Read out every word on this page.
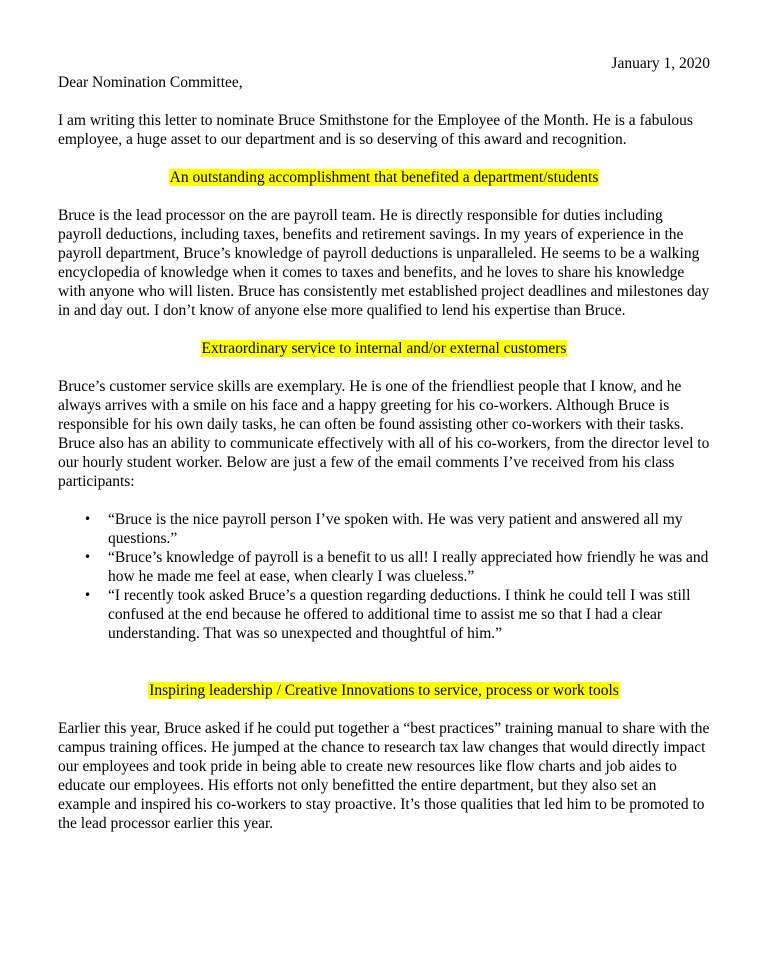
January 1, 2020

Dear Nomination Committee,

I am writing this letter to nominate Bruce Smithstone for the Employee of the Month. He is a fabulous employee, a huge asset to our department and is so deserving of this award and recognition.

An outstanding accomplishment that benefited a department/students

Bruce is the lead processor on the are payroll team. He is directly responsible for duties including payroll deductions, including taxes, benefits and retirement savings. In my years of experience in the payroll department, Bruce’s knowledge of payroll deductions is unparalleled. He seems to be a walking encyclopedia of knowledge when it comes to taxes and benefits, and he loves to share his knowledge with anyone who will listen. Bruce has consistently met established project deadlines and milestones day in and day out. I don’t know of anyone else more qualified to lend his expertise than Bruce.

Extraordinary service to internal and/or external customers

Bruce’s customer service skills are exemplary. He is one of the friendliest people that I know, and he always arrives with a smile on his face and a happy greeting for his co-workers. Although Bruce is responsible for his own daily tasks, he can often be found assisting other co-workers with their tasks. Bruce also has an ability to communicate effectively with all of his co-workers, from the director level to our hourly student worker. Below are just a few of the email comments I’ve received from his class participants:

• “Bruce is the nice payroll person I’ve spoken with. He was very patient and answered all my questions.”
• “Bruce’s knowledge of payroll is a benefit to us all! I really appreciated how friendly he was and how he made me feel at ease, when clearly I was clueless.”
• “I recently took asked Bruce’s a question regarding deductions. I think he could tell I was still confused at the end because he offered to additional time to assist me so that I had a clear understanding. That was so unexpected and thoughtful of him.”

Inspiring leadership / Creative Innovations to service, process or work tools

Earlier this year, Bruce asked if he could put together a “best practices” training manual to share with the campus training offices. He jumped at the chance to research tax law changes that would directly impact our employees and took pride in being able to create new resources like flow charts and job aides to educate our employees. His efforts not only benefitted the entire department, but they also set an example and inspired his co-workers to stay proactive. It’s those qualities that led him to be promoted to the lead processor earlier this year.
